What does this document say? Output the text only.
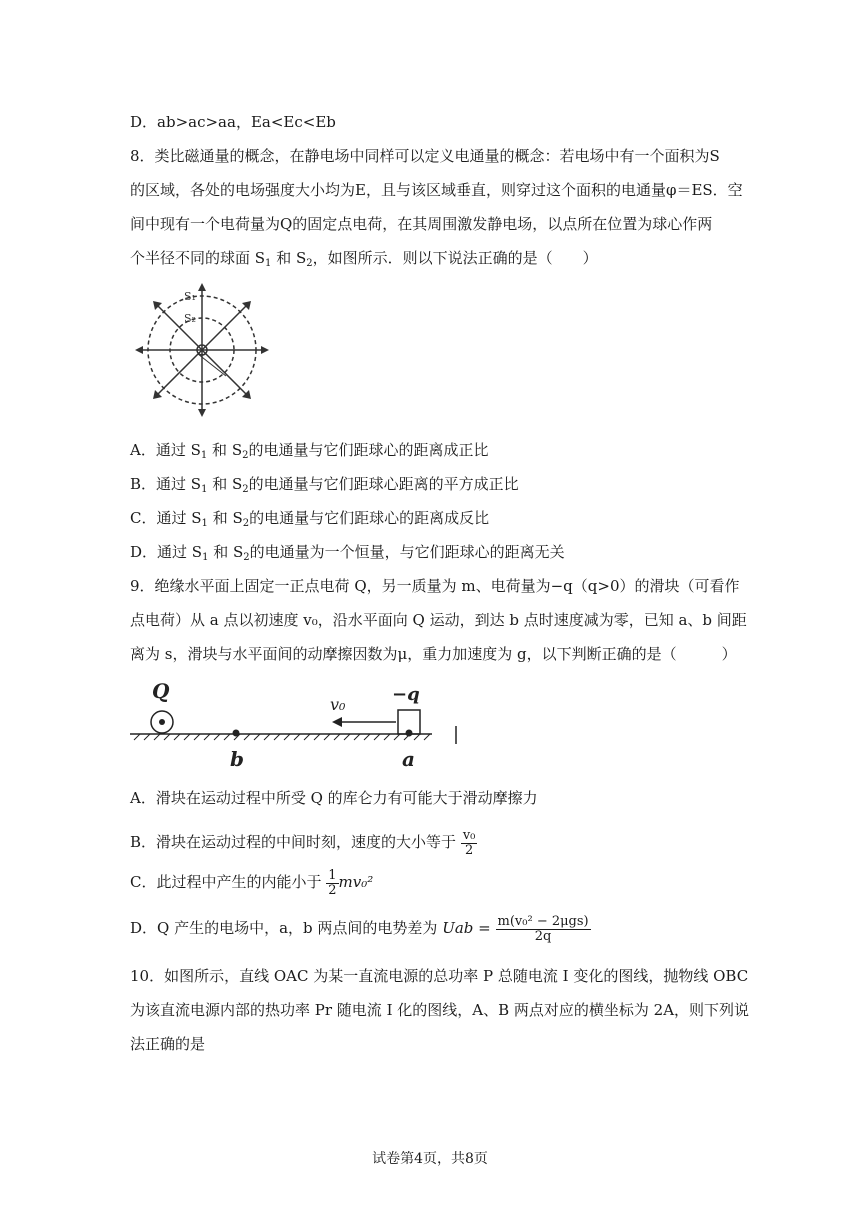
D．ab>ac>aa，Ea<Ec<Eb
8．类比磁通量的概念，在静电场中同样可以定义电通量的概念：若电场中有一个面积为S
的区域，各处的电场强度大小均为E，且与该区域垂直，则穿过这个面积的电通量φ＝ES．空
间中现有一个电荷量为Q的固定点电荷，在其周围激发静电场，以点所在位置为球心作两
个半径不同的球面 $S_1$ 和 $S_2$，如图所示．则以下说法正确的是（　　）
S₁
S₂
A．通过 $S_1$ 和 $S_2$的电通量与它们距球心的距离成正比
B．通过 $S_1$ 和 $S_2$的电通量与它们距球心距离的平方成正比
C．通过 $S_1$ 和 $S_2$的电通量与它们距球心的距离成反比
D．通过 $S_1$ 和 $S_2$的电通量为一个恒量，与它们距球心的距离无关
9．绝缘水平面上固定一正点电荷 Q，另一质量为 m、电荷量为−q（q>0）的滑块（可看作
点电荷）从 a 点以初速度 v₀，沿水平面向 Q 运动，到达 b 点时速度减为零，已知 a、b 间距
离为 s，滑块与水平面间的动摩擦因数为μ，重力加速度为 g，以下判断正确的是（　　　）
Q	−q
v₀
b	a
A．滑块在运动过程中所受 Q 的库仑力有可能大于滑动摩擦力
B．滑块在运动过程的中间时刻，速度的大小等于 $\frac{\text{v₀}}{2}$
C．此过程中产生的内能小于 $\frac{1}{2} mv_0^2$
D．Q 产生的电场中，a，b 两点间的电势差为 Uab = $\frac{\text{m(v₀² − 2μgs)}}{2q}$
10．如图所示，直线 OAC 为某一直流电源的总功率 P 总随电流 I 变化的图线，抛物线 OBC
为该直流电源内部的热功率 Pr 随电流 I 化的图线，A、B 两点对应的横坐标为 2A，则下列说
法正确的是
试卷第4页，共8页
